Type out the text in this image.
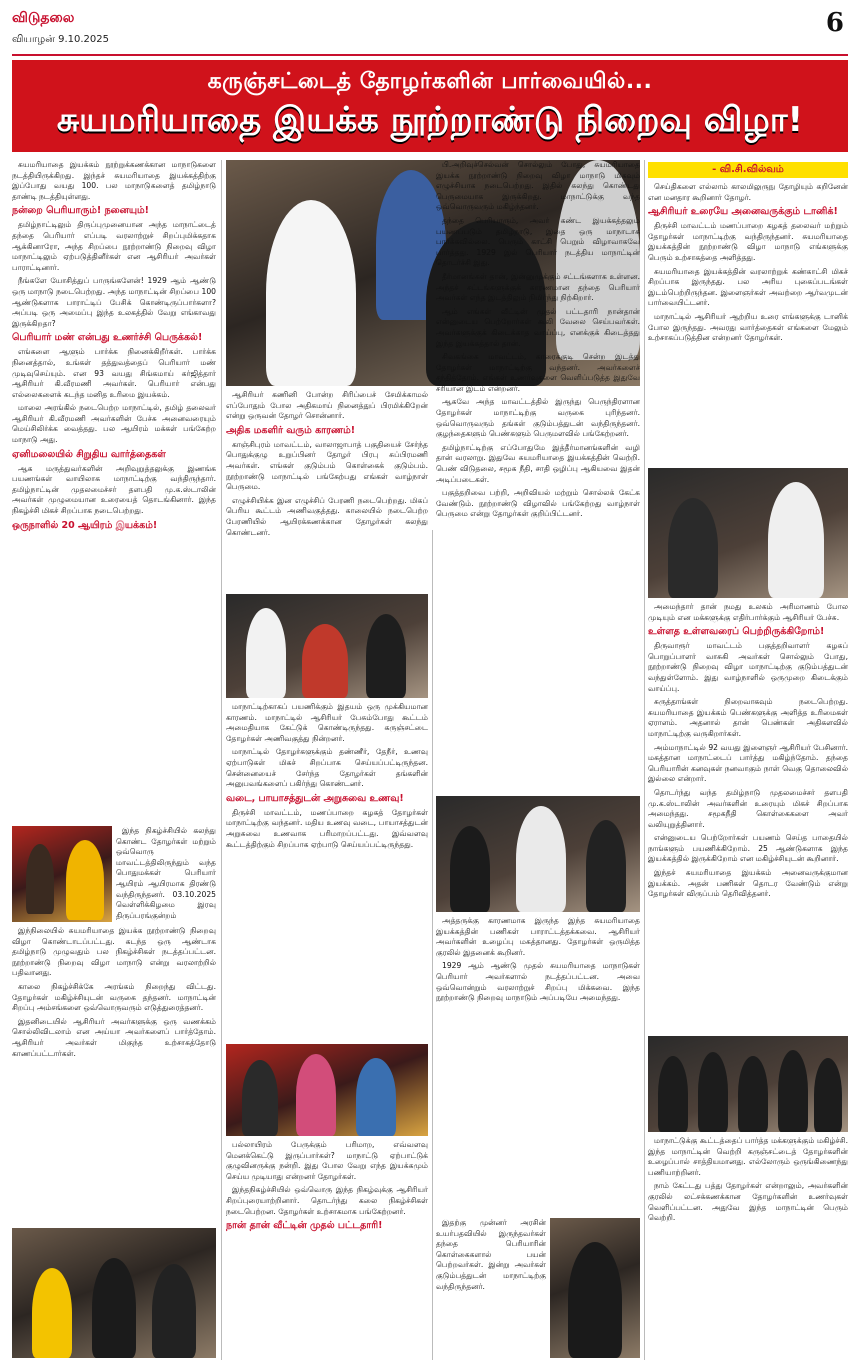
விடுதலை
வியாழன் 9.10.2025
6
கருஞ்சட்டைத் தோழர்களின் பார்வையில்...
சுயமரியாதை இயக்க நூற்றாண்டு நிறைவு விழா!

சுயமரியாதை இயக்கம் நூற்றுக்கணக்கான மாநாடுகளை நடத்தியிருக்கிறது. இந்தச் சுயமரியாதை இயக்கத்திற்கு இப்போது வயது 100. பல மாநாடுகளைத் தமிழ்நாடு தாண்டி நடத்தியுள்ளது.

நன்றை பெரியாரும்! நனையும்!

தமிழ்நாட்டிலும் திருப்புமுனையான அந்த மாநாட்டைத் தந்தை பெரியார் எப்படி வரலாற்றுச் சிறப்புமிக்கதாக ஆக்கினாரோ, அந்த சிறப்பை நூற்றாண்டு நிறைவு விழா மாநாட்டிலும் ஏற்படுத்தினீர்கள் என ஆசிரியர் அவர்கள் பாராட்டினார்.

நீங்களே யோசித்துப் பாருங்களேன்! 1929 ஆம் ஆண்டு ஒரு மாநாடு நடைபெற்றது. அந்த மாநாட்டின் சிறப்பை 100 ஆண்டுகளாக பாராட்டிப் பேசிக் கொண்டிருப்பார்களா? அப்படி ஒரு அமைப்பு இந்த உலகத்தில் வேறு எங்காவது இருக்கிறதா?

பெரியார் மண் என்பது உணர்ச்சி பெருக்கல்!

எங்களை ஆளும் பார்க்க நினைக்கிறீர்கள். பார்க்க நினைத்தால், உங்கள் தத்துவத்தைப் பெரியார் மண் முடிவுசெய்யும். என 93 வயது சிங்கமாய் கர்ஜித்தார் ஆசிரியர் கி.வீரமணி அவர்கள். பெரியார் என்பது எல்லைகளைக் கடந்த மனித உரிமை இயக்கம்.

மாலை அரங்கில் நடைபெற்ற மாநாட்டில், தமிழ் தலைவர் ஆசிரியர் கி.வீரமணி அவர்களின் பேச்சு அனைவரையும் மெய்சிலிர்க்க வைத்தது. பல ஆயிரம் மக்கள் பங்கேற்ற மாநாடு அது.

ஏனிமலையில் சிறுதிய வார்த்தைகள்

ஆக மருத்துவர்களின் அறிவுறுத்தலுக்கு இணங்க பயணங்கள் வாயிலாக மாநாட்டிற்கு வந்திருந்தார். தமிழ்நாட்டின் முதலமைச்சர் தளபதி மு.க.ஸ்டாலின் அவர்கள் முழுமையான உரையைத் தொடங்கினார். இந்த நிகழ்ச்சி மிகச் சிறப்பாக நடைபெற்றது.

ஒருநாளில் 20 ஆயிரம் இயக்கம்!

இந்த நிகழ்ச்சியில் கலந்து கொண்ட தோழர்கள் மற்றும் ஒவ்வொரு மாவட்டத்திலிருந்தும் வந்த பொதுமக்கள் பெரியார் ஆயிரம் ஆயிரமாக திரண்டு வந்திருந்தனர். 03.10.2025 வெள்ளிக்கிழமை இரவு திருப்பரங்குன்றம்

இந்நிலையில் சுயமரியாதை இயக்க நூற்றாண்டு நிறைவு விழா கொண்டாடப்பட்டது. கடந்த ஒரு ஆண்டாக தமிழ்நாடு முழுவதும் பல நிகழ்ச்சிகள் நடத்தப்பட்டன. நூற்றாண்டு நிறைவு விழா மாநாடு என்று வரலாற்றில் பதிவானது.

காலை நிகழ்ச்சிக்கே அரங்கம் நிறைந்து விட்டது. தோழர்கள் மகிழ்ச்சியுடன் வருகை தந்தனர். மாநாட்டின் சிறப்பு அம்சங்களை ஒவ்வொருவரும் எடுத்துரைத்தனர்.

இதனிடையில் ஆசிரியர் அவர்களுக்கு ஒரு வணக்கம் சொல்லிவிடலாம் என அய்யா அவர்களைப் பார்த்தோம். ஆசிரியர் அவர்கள் மிகுந்த உற்சாகத்தோடு காணப்பட்டார்கள்.

ஆசிரியர் கணினி போன்ற சிரிப்பைச் சேமிக்காமல் எப்போதும் போல அதிகமாய் நினைத்துப் பிரமிக்கிறேன் என்று ஒருவன் தோழர் சொன்னார்.

அதிக மகளிர் வரும் காரணம்!

காஞ்சிபுரம் மாவட்டம், வாலாஜாபாத் பகுதியைச் சேர்ந்த பொதுக்குழு உறுப்பினர் தோழர் பிரபு சுப்பிரமணி அவர்கள். எங்கள் குடும்பம் கொள்கைக் குடும்பம். நூற்றாண்டு மாநாட்டில் பங்கேற்பது எங்கள் வாழ்நாள் பெருமை.

எழுச்சியிக்க இன எழுச்சிப் பேரணி நடைபெற்றது. மிகப் பெரிய கூட்டம் அணிவகுத்தது. காலையில் நடைபெற்ற பேரணியில் ஆயிரக்கணக்கான தோழர்கள் கலந்து கொண்டனர்.

மாநாட்டிற்காகப் பயணிக்கும் இதயம் ஒரு முக்கியமான காரணம். மாநாட்டில் ஆசிரியர் பேசும்போது கூட்டம் அமைதியாக கேட்டுக் கொண்டிருந்தது. கருஞ்சட்டை தோழர்கள் அணிவகுத்து நின்றனர்.

மாநாட்டில் தோழர்களுக்கும் தண்ணீர், தேநீர், உணவு ஏற்பாடுகள் மிகச் சிறப்பாக செய்யப்பட்டிருந்தன. சென்னையைச் சேர்ந்த தோழர்கள் தங்களின் அனுபவங்களைப் பகிர்ந்து கொண்டனர்.

வடை, பாயாசத்துடன் அறுசுவை உணவு!

திருச்சி மாவட்டம், மணப்பாறை கழகத் தோழர்கள் மாநாட்டிற்கு வந்தனர். மதிய உணவு வடை, பாயாசத்துடன் அறுசுவை உணவாக பரிமாறப்பட்டது. இவ்வளவு கூட்டத்திற்கும் சிறப்பாக ஏற்பாடு செய்யப்பட்டிருந்தது.

பல்லாயிரம் பேருக்கும் பரிமாற, எவ்வளவு மெனக்கெட்டு இருப்பார்கள்? மாநாட்டு ஏற்பாட்டுக் குழுவினருக்கு நன்றி. இது போல வேறு எந்த இயக்கமும் செய்ய முடியாது என்றனர் தோழர்கள்.

இந்தநிகழ்ச்சியில் ஒவ்வொரு இந்த நிகழ்வுக்கு ஆசிரியர் சிறப்புரையாற்றினார். தொடர்ந்து கலை நிகழ்ச்சிகள் நடைபெற்றன. தோழர்கள் உற்சாகமாக பங்கேற்றனர்.

நான் தான் வீட்டின் முதல் பட்டதாரி!

பி.அறிவுச்செல்வன் சொல்லும் போது, சுயமரியாதை இயக்க நூற்றாண்டு நிறைவு விழா மாநாடு மிகவும் எழுச்சியாக நடைபெற்றது. இதில் கலந்து கொண்டது பெருமையாக இருக்கிறது. மாநாட்டுக்கு வந்த ஒவ்வொருவரும் மகிழ்ந்தனர்.

தந்தை பெரியாரும், அவர் கண்ட இயக்கத்தலும் பயணப்படும் தமிழ்நாடு, இதை ஒரு மாநாடாக பார்க்கவில்லை. பெரும் காட்சி பெறும் விழாவாகவே பார்த்தது. 1929 இல் பெரியார் நடத்திய மாநாட்டின் தொடர்ச்சி இது.

தீர்மானங்கள் தான், இன்னுமுக்கும் சட்டங்களாக உள்ளன. அந்தச் சட்டங்களுக்குக் காரணமான தந்தை பெரியார் அவர்கள் எந்த இடத்திலும் நிமிர்ந்து நிற்கிறார்.

ஆம் எங்கள் வீட்டின் முதல் பட்டதாரி நான்தான் என்னுடைய பெற்றோர்கள் கூலி வேலை செய்பவர்கள். அவர்களுக்குக் கிடைக்காத வாய்ப்பு, எனக்குக் கிடைத்தது இந்த இயக்கத்தால் தான்.

சிவகங்கை மாவட்டம், காரைக்குடி சென்ற இடத்து தோழர்கள் மாநாட்டிற்கு வந்தனர். அவர்களைச் சந்தித்தோம். எங்கள் உணர்வுகளை வெளிப்படுத்த இதுவே சரியான இடம் என்றனர்.

ஆகவே அந்த மாவட்டத்தில் இருந்து பெருந்திரளான தோழர்கள் மாநாட்டிற்கு வருகை புரிந்தனர். ஒவ்வொருவரும் தங்கள் குடும்பத்துடன் வந்திருந்தனர். குழந்தைகளும் பெண்களும் பெருமளவில் பங்கேற்றனர்.

தமிழ்நாட்டிற்கு எப்போதுமே இத்தீர்மானங்களின் வழி தான் வரலாறு. இதுவே சுயமரியாதை இயக்கத்தின் வெற்றி. பெண் விடுதலை, சமூக நீதி, சாதி ஒழிப்பு ஆகியவை இதன் அடிப்படைகள்.

பகுத்தறிவை பற்றி, அறிவியல் மற்றும் சொல்லக் கேட்க வேண்டும். நூற்றாண்டு விழாவில் பங்கேற்றது வாழ்நாள் பெருமை என்று தோழர்கள் குறிப்பிட்டனர்.

அத்தருக்கு காரணமாக இருந்த இந்த சுயமரியாதை இயக்கத்தின் பணிகள் பாராட்டத்தக்கவை. ஆசிரியர் அவர்களின் உழைப்பு மகத்தானது. தோழர்கள் ஒருமித்த குரலில் இதனைக் கூறினர்.

1929 ஆம் ஆண்டு முதல் சுயமரியாதை மாநாடுகள் பெரியார் அவர்களால் நடத்தப்பட்டன. அவை ஒவ்வொன்றும் வரலாற்றுச் சிறப்பு மிக்கவை. இந்த நூற்றாண்டு நிறைவு மாநாடும் அப்படியே அமைந்தது.

இதற்கு முன்னர் அரசின் உயர்பதவியில் இருந்தவர்கள் தந்தை பெரியாரின் கொள்கைகளால் பயன் பெற்றவர்கள். இன்று அவர்கள் குடும்பத்துடன் மாநாட்டிற்கு வந்திருந்தனர்.

- வி.சி.வில்வம்

செய்திகளை எல்லாம் காலமிலுருநு தோழியும் கறினேன் என மனதார கூறினார் தோழர்.

ஆசிரியர் உரையே அனைவருக்கும் டானிக்!

திருச்சி மாவட்டம் மணப்பாறை கழகத் தலைவர் மற்றும் தோழர்கள் மாநாட்டிற்கு வந்திருந்தனர். சுயமரியாதை இயக்கத்தின் நூற்றாண்டு விழா மாநாடு எங்களுக்கு பெரும் உற்சாகத்தை அளித்தது.

சுயமரியாதை இயக்கத்தின் வரலாற்றுக் கண்காட்சி மிகச் சிறப்பாக இருந்தது. பல அரிய புகைப்படங்கள் இடம்பெற்றிருந்தன. இளைஞர்கள் அவற்றை ஆர்வமுடன் பார்வையிட்டனர்.

மாநாட்டில் ஆசிரியர் ஆற்றிய உரை எங்களுக்கு டானிக் போல இருந்தது. அவரது வார்த்தைகள் எங்களை மேலும் உற்சாகப்படுத்தின என்றனர் தோழர்கள்.

அமைந்தார் தான் நமது உலகம் அரிமாணம் போல முடியும் என மக்களுக்கு எதிர்பார்க்கும் ஆசிரியர் பேச்சு.

உள்ளத உள்ளவரைப் பெற்றிருக்கிறோம்!

திருவாரூர் மாவட்டம் பகுத்தறிவாளர் கழகப் பொறுப்பாளர் வாசுகி அவர்கள் சொல்லும் போது, நூற்றாண்டு நிறைவு விழா மாநாட்டிற்கு குடும்பத்துடன் வந்துள்ளோம். இது வாழ்நாளில் ஒருமுறை கிடைக்கும் வாய்ப்பு.

சுருத்தாங்கள் நிறைவாகவும் நடைபெற்றது. சுயமரியாதை இயக்கம் பெண்களுக்கு அளித்த உரிமைகள் ஏராளம். அதனால் தான் பெண்கள் அதிகளவில் மாநாட்டிற்கு வருகிறார்கள்.

அம்மாநாட்டில் 92 வயது இளைஞர் ஆசிரியர் பேசினார். மகத்தான மாநாட்டைப் பார்த்து மகிழ்ந்தோம். தந்தை பெரியாரின் கனவுகள் நனவாகும் நாள் வெகு தொலைவில் இல்லை என்றார்.

தொடர்ந்து வந்த தமிழ்நாடு முதலமைச்சர் தளபதி மு.க.ஸ்டாலின் அவர்களின் உரையும் மிகச் சிறப்பாக அமைந்தது. சமூகநீதி கொள்கைகளை அவர் வலியுறுத்தினார்.

என்னுடைய பெற்றோர்கள் பயணம் செய்த பாதையில் நாங்களும் பயணிக்கிறோம். 25 ஆண்டுகளாக இந்த இயக்கத்தில் இருக்கிறோம் என மகிழ்ச்சியுடன் கூறினார்.

இந்தச் சுயமரியாதை இயக்கம் அனைவருக்குமான இயக்கம். அதன் பணிகள் தொடர வேண்டும் என்று தோழர்கள் விருப்பம் தெரிவித்தனர்.

மாநாட்டுக்கு கூட்டத்தைப் பார்த்த மக்களுக்கும் மகிழ்ச்சி. இந்த மாநாட்டின் வெற்றி கருஞ்சட்டைத் தோழர்களின் உழைப்பால் சாத்தியமானது. எல்லோரும் ஒருங்கிணைந்து பணியாற்றினர்.

நாம் கேட்டது பத்து தோழர்கள் என்றாலும், அவர்களின் குரலில் லட்சக்கணக்கான தோழர்களின் உணர்வுகள் வெளிப்பட்டன. அதுவே இந்த மாநாட்டின் பெரும் வெற்றி.
